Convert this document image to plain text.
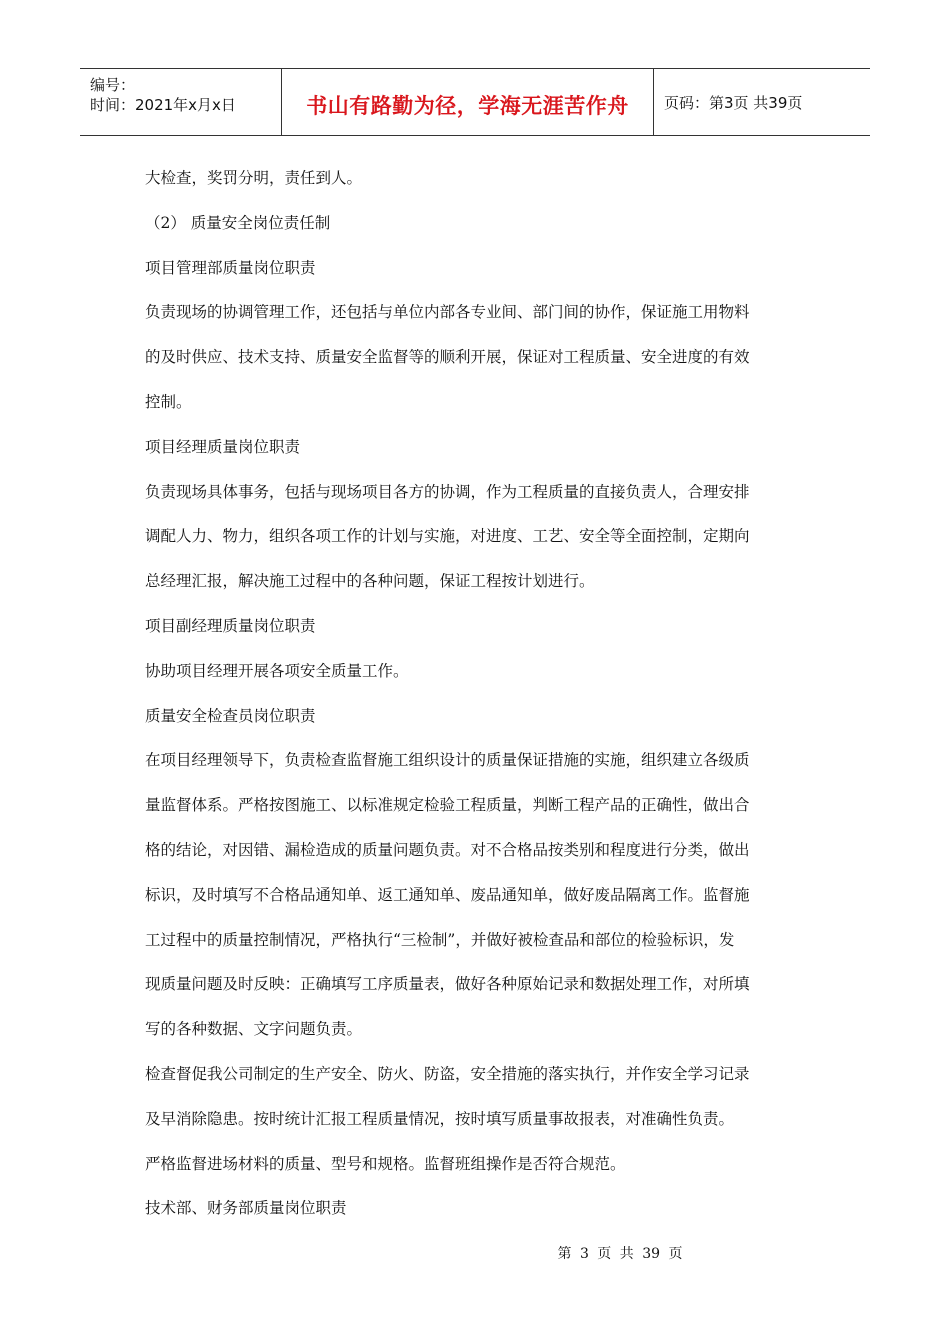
编号：
时间：2021年x月x日	书山有路勤为径，学海无涯苦作舟	页码：第3页 共39页

大检查，奖罚分明，责任到人。

（2） 质量安全岗位责任制

项目管理部质量岗位职责

负责现场的协调管理工作，还包括与单位内部各专业间、部门间的协作，保证施工用物料

的及时供应、技术支持、质量安全监督等的顺利开展，保证对工程质量、安全进度的有效

控制。

项目经理质量岗位职责

负责现场具体事务，包括与现场项目各方的协调，作为工程质量的直接负责人，合理安排

调配人力、物力，组织各项工作的计划与实施，对进度、工艺、安全等全面控制，定期向

总经理汇报，解决施工过程中的各种问题，保证工程按计划进行。

项目副经理质量岗位职责

协助项目经理开展各项安全质量工作。

质量安全检查员岗位职责

在项目经理领导下，负责检查监督施工组织设计的质量保证措施的实施，组织建立各级质

量监督体系。严格按图施工、以标准规定检验工程质量，判断工程产品的正确性，做出合

格的结论，对因错、漏检造成的质量问题负责。对不合格品按类别和程度进行分类，做出

标识，及时填写不合格品通知单、返工通知单、废品通知单，做好废品隔离工作。监督施

工过程中的质量控制情况，严格执行“三检制”，并做好被检查品和部位的检验标识，发

现质量问题及时反映：正确填写工序质量表，做好各种原始记录和数据处理工作，对所填

写的各种数据、文字问题负责。

检查督促我公司制定的生产安全、防火、防盗，安全措施的落实执行，并作安全学习记录

及早消除隐患。按时统计汇报工程质量情况，按时填写质量事故报表，对准确性负责。

严格监督进场材料的质量、型号和规格。监督班组操作是否符合规范。

技术部、财务部质量岗位职责

第 3 页 共 39 页
